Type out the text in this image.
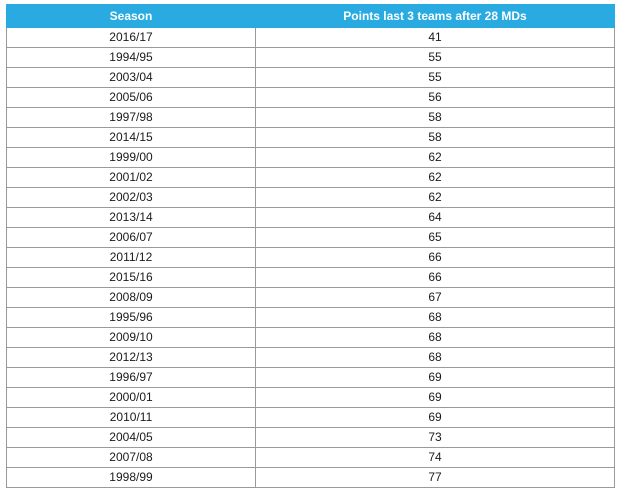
Season	Points last 3 teams after 28 MDs
2016/17	41
1994/95	55
2003/04	55
2005/06	56
1997/98	58
2014/15	58
1999/00	62
2001/02	62
2002/03	62
2013/14	64
2006/07	65
2011/12	66
2015/16	66
2008/09	67
1995/96	68
2009/10	68
2012/13	68
1996/97	69
2000/01	69
2010/11	69
2004/05	73
2007/08	74
1998/99	77
